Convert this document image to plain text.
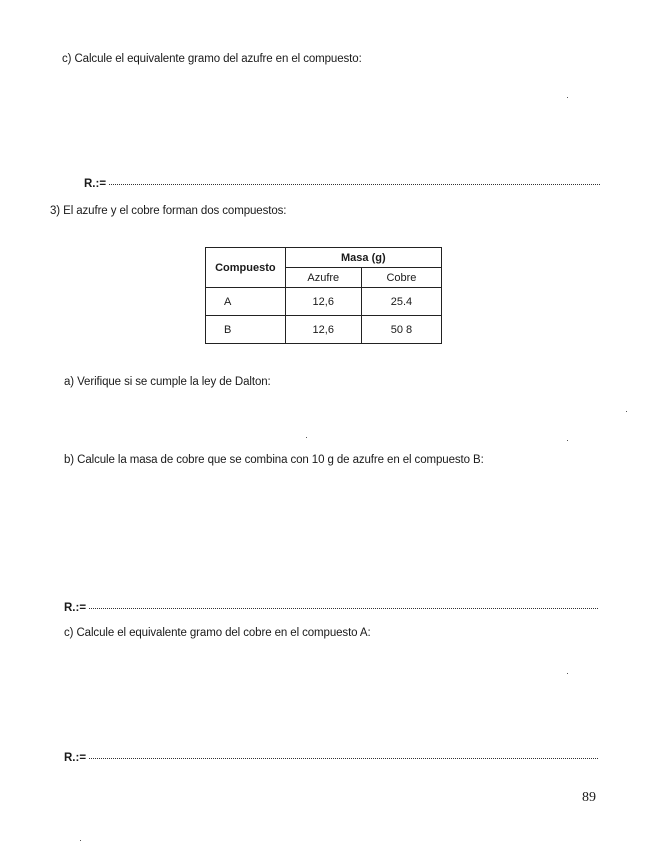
c) Calcule el equivalente gramo del azufre en el compuesto:
R.:=
3) El azufre y el cobre forman dos compuestos:
Compuesto	Masa (g)	
	Azufre	Cobre
A	12,6	25.4
B	12,6	50 8
a) Verifique si se cumple la ley de Dalton:
b) Calcule la masa de cobre que se combina con 10 g de azufre en el compuesto B:
R.:=
c) Calcule el equivalente gramo del cobre en el compuesto A:
R.:=
89
